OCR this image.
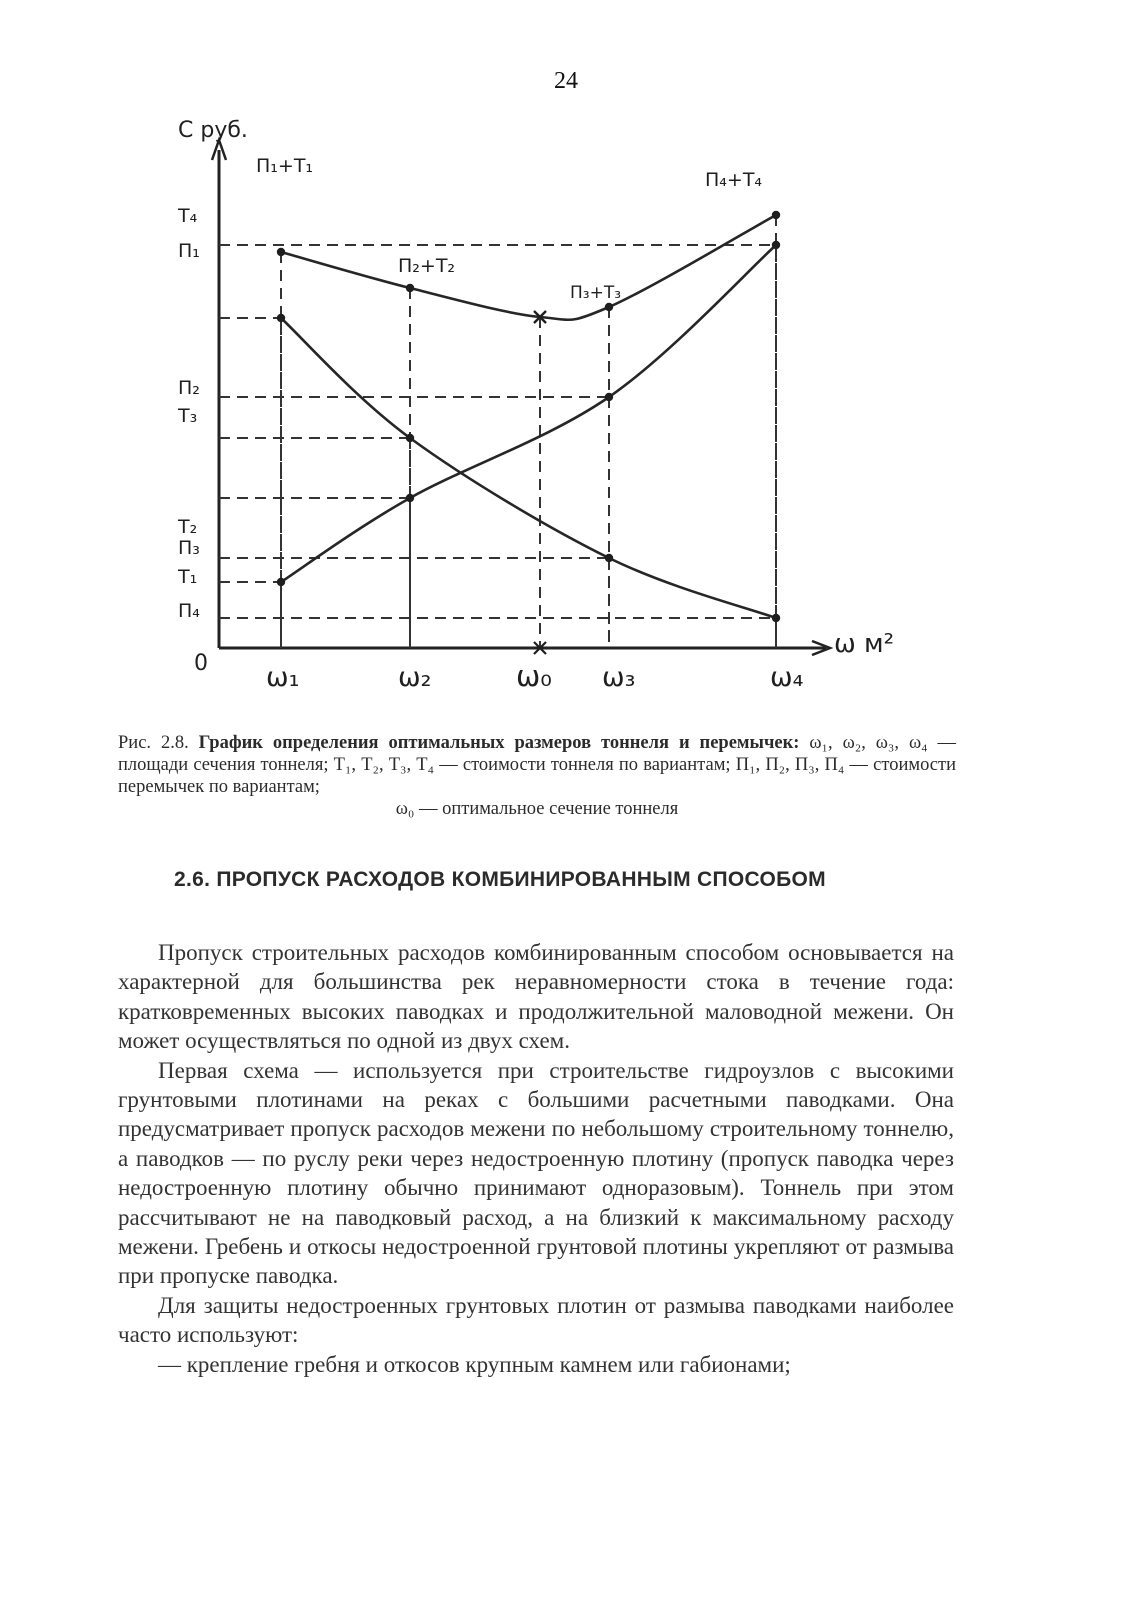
24
С руб.
ω м²
0
Т₄
П₁
П₂
Т₃
Т₂
П₃
Т₁
П₄
ω₁	ω₂	ω₀ ω₃	ω₄
П₁+Т₁
П₂+Т₂
П₃+Т₃
П₄+Т₄
Рис. 2.8. График определения оптимальных размеров тоннеля и перемычек: ω₁, ω₂, ω₃, ω₄ — площади сечения тоннеля; Т₁, Т₂, Т₃, Т₄ — стоимости тоннеля по вариантам; П₁, П₂, П₃, П₄ — стоимости перемычек по вариантам;
ω₀ — оптимальное сечение тоннеля
2.6. ПРОПУСК РАСХОДОВ КОМБИНИРОВАННЫМ СПОСОБОМ

Пропуск строительных расходов комбинированным способом основывается на характерной для большинства рек неравномерности стока в течение года: кратковременных высоких паводках и продолжительной маловодной межени. Он может осуществляться по одной из двух схем.

Первая схема — используется при строительстве гидроузлов с высокими грунтовыми плотинами на реках с большими расчетными паводками. Она предусматривает пропуск расходов межени по небольшому строительному тоннелю, а паводков — по руслу реки через недостроенную плотину (пропуск паводка через недостроенную плотину обычно принимают одноразовым). Тоннель при этом рассчитывают не на паводковый расход, а на близкий к максимальному расходу межени. Гребень и откосы недостроенной грунтовой плотины укрепляют от размыва при пропуске паводка.

Для защиты недостроенных грунтовых плотин от размыва паводками наиболее часто используют:

— крепление гребня и откосов крупным камнем или габионами;
